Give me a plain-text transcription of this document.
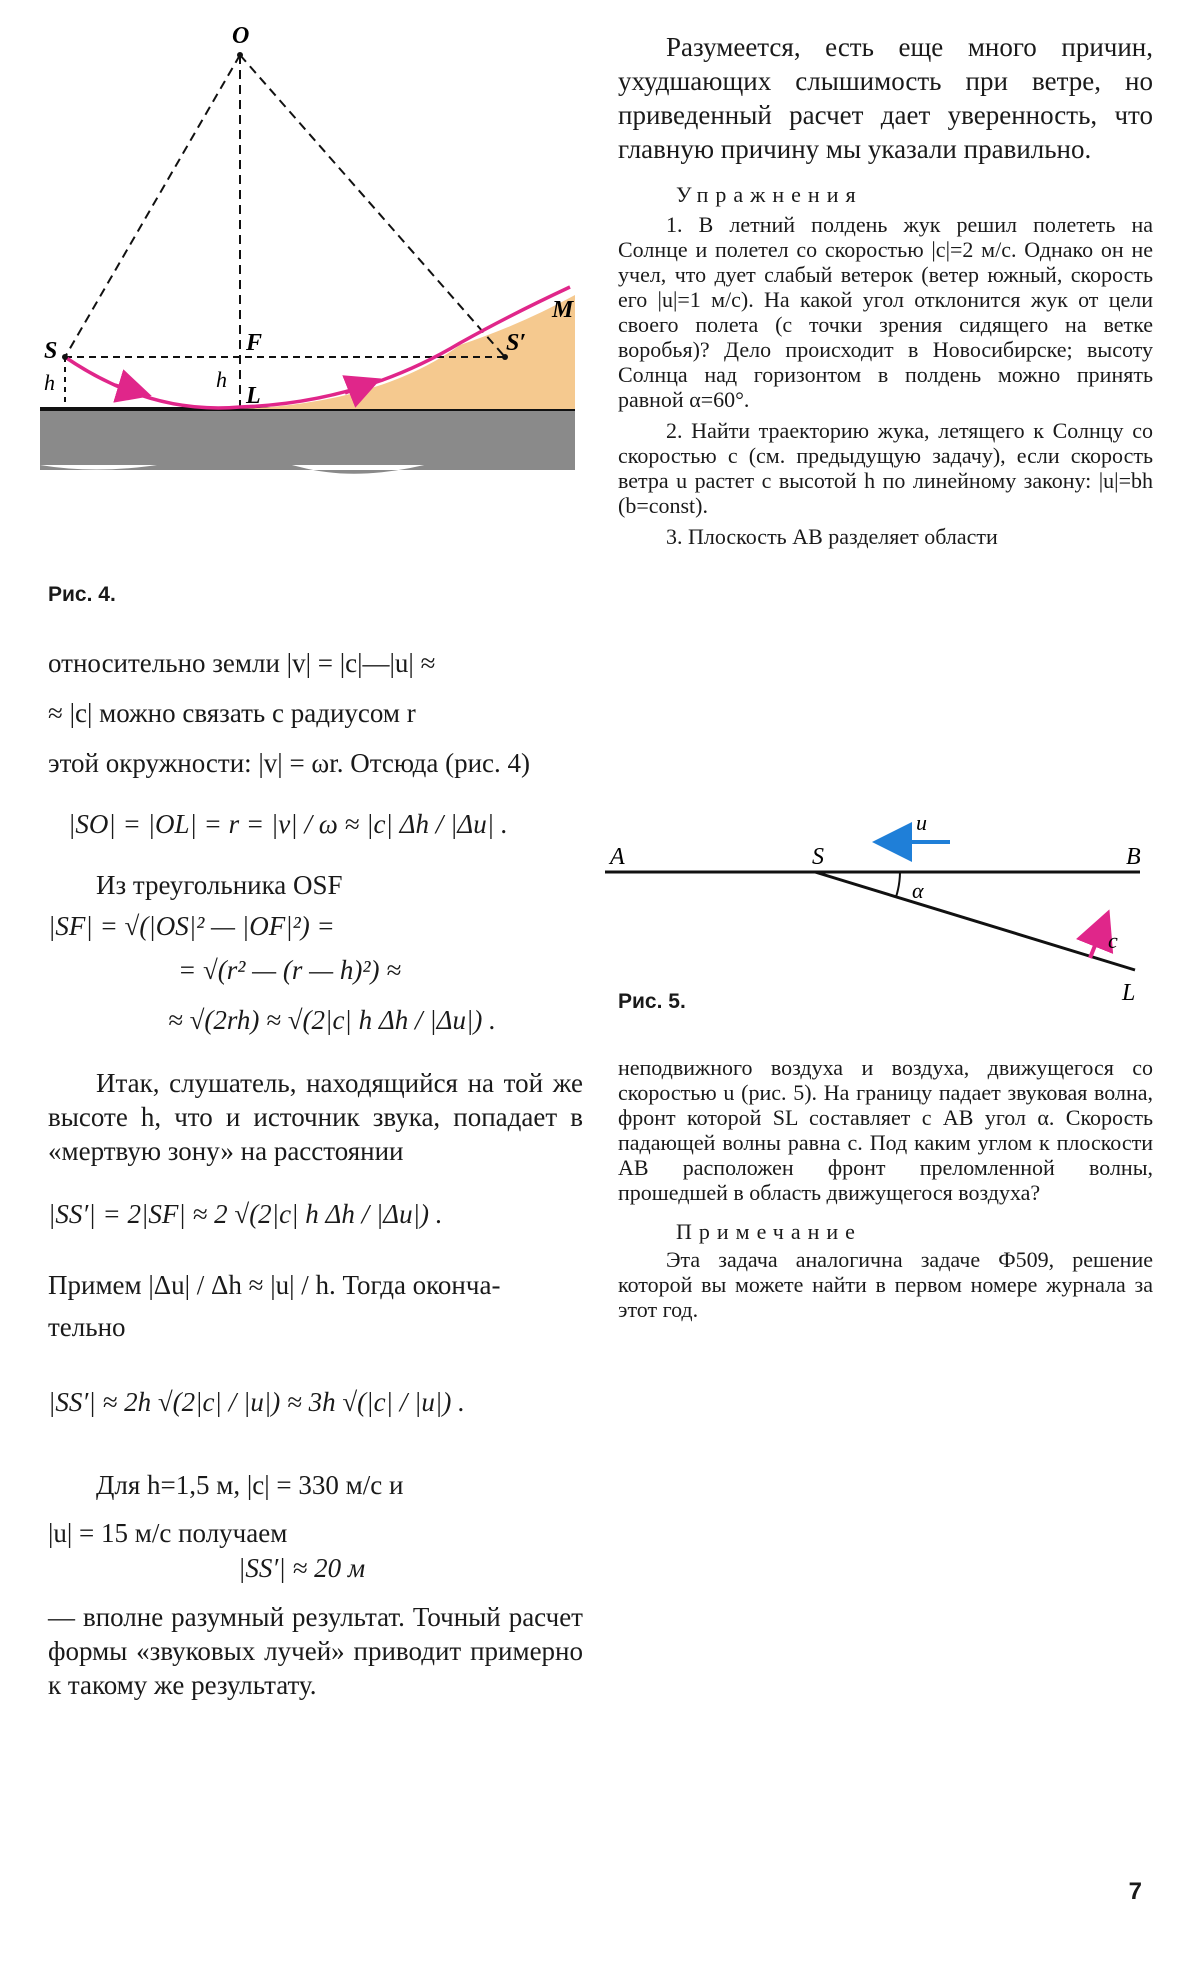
O
S	F	S′
M
h	h
L
Рис. 4.

относительно земли |v| = |c|—|u| ≈

≈ |c| можно связать с радиусом r

этой окружности: |v| = ωr. Отсюда (рис. 4)

|SO| = |OL| = r = |v| / ω ≈ |c| Δh / |Δu| .

Из треугольника OSF

|SF| = √(|OS|² — |OF|²) =

= √(r² — (r — h)²) ≈

≈ √(2rh) ≈ √(2|c| h Δh / |Δu|) .

Итак, слушатель, находящийся на той же высоте h, что и источник звука, попадает в «мертвую зону» на расстоянии

|SS′| = 2|SF| ≈ 2 √(2|c| h Δh / |Δu|) .

Примем |Δu| / Δh ≈ |u| / h. Тогда оконча-

тельно

|SS′| ≈ 2h √(2|c| / |u|) ≈ 3h √(|c| / |u|) .

Для h=1,5 м, |c| = 330 м/с и

|u| = 15 м/с получаем

|SS′| ≈ 20 м

— вполне разумный результат. Точный расчет формы «звуковых лучей» приводит примерно к такому же результату.

Разумеется, есть еще много причин, ухудшающих слышимость при ветре, но приведенный расчет дает уверенность, что главную причину мы указали правильно.

Упражнения

1. В летний полдень жук решил полететь на Солнце и полетел со скоростью |c|=2 м/с. Однако он не учел, что дует слабый ветерок (ветер южный, скорость его |u|=1 м/с). На какой угол отклонится жук от цели своего полета (с точки зрения сидящего на ветке воробья)? Дело происходит в Новосибирске; высоту Солнца над горизонтом в полдень можно принять равной α=60°.

2. Найти траекторию жука, летящего к Солнцу со скоростью c (см. предыдущую задачу), если скорость ветра u растет с высотой h по линейному закону: |u|=bh (b=const).

3. Плоскость AB разделяет области

A	S	B
L
α
u
c
Рис. 5.

неподвижного воздуха и воздуха, движущегося со скоростью u (рис. 5). На границу падает звуковая волна, фронт которой SL составляет с AB угол α. Скорость падающей волны равна c. Под каким углом к плоскости AB расположен фронт преломленной волны, прошедшей в область движущегося воздуха?

Примечание

Эта задача аналогична задаче Ф509, решение которой вы можете найти в первом номере журнала за этот год.

7
